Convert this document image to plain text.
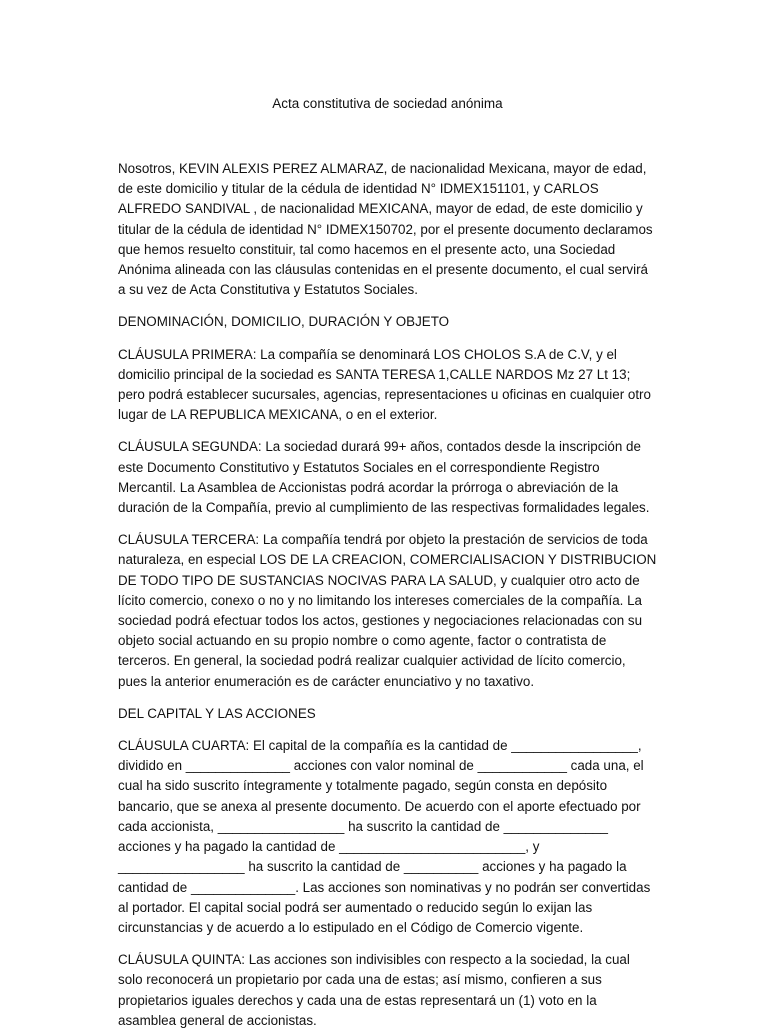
Acta constitutiva de sociedad anónima

Nosotros, KEVIN ALEXIS PEREZ ALMARAZ, de nacionalidad Mexicana, mayor de edad, de este domicilio y titular de la cédula de identidad N° IDMEX151101, y CARLOS ALFREDO SANDIVAL , de nacionalidad MEXICANA, mayor de edad, de este domicilio y titular de la cédula de identidad N° IDMEX150702, por el presente documento declaramos que hemos resuelto constituir, tal como hacemos en el presente acto, una Sociedad Anónima alineada con las cláusulas contenidas en el presente documento, el cual servirá a su vez de Acta Constitutiva y Estatutos Sociales.

DENOMINACIÓN, DOMICILIO, DURACIÓN Y OBJETO

CLÁUSULA PRIMERA: La compañía se denominará LOS CHOLOS S.A de C.V, y el domicilio principal de la sociedad es SANTA TERESA 1,CALLE NARDOS Mz 27 Lt 13; pero podrá establecer sucursales, agencias, representaciones u oficinas en cualquier otro lugar de LA REPUBLICA MEXICANA, o en el exterior.

CLÁUSULA SEGUNDA: La sociedad durará 99+ años, contados desde la inscripción de este Documento Constitutivo y Estatutos Sociales en el correspondiente Registro Mercantil. La Asamblea de Accionistas podrá acordar la prórroga o abreviación de la duración de la Compañía, previo al cumplimiento de las respectivas formalidades legales.

CLÁUSULA TERCERA: La compañía tendrá por objeto la prestación de servicios de toda naturaleza, en especial LOS DE LA CREACION, COMERCIALISACION Y DISTRIBUCION DE TODO TIPO DE SUSTANCIAS NOCIVAS PARA LA SALUD, y cualquier otro acto de lícito comercio, conexo o no y no limitando los intereses comerciales de la compañía. La sociedad podrá efectuar todos los actos, gestiones y negociaciones relacionadas con su objeto social actuando en su propio nombre o como agente, factor o contratista de terceros. En general, la sociedad podrá realizar cualquier actividad de lícito comercio, pues la anterior enumeración es de carácter enunciativo y no taxativo.

DEL CAPITAL Y LAS ACCIONES

CLÁUSULA CUARTA: El capital de la compañía es la cantidad de _________________, dividido en ______________ acciones con valor nominal de ____________ cada una, el cual ha sido suscrito íntegramente y totalmente pagado, según consta en depósito bancario, que se anexa al presente documento. De acuerdo con el aporte efectuado por cada accionista, _________________ ha suscrito la cantidad de ______________ acciones y ha pagado la cantidad de _________________________, y _________________ ha suscrito la cantidad de __________ acciones y ha pagado la cantidad de ______________. Las acciones son nominativas y no podrán ser convertidas al portador. El capital social podrá ser aumentado o reducido según lo exijan las circunstancias y de acuerdo a lo estipulado en el Código de Comercio vigente.

CLÁUSULA QUINTA: Las acciones son indivisibles con respecto a la sociedad, la cual solo reconocerá un propietario por cada una de estas; así mismo, confieren a sus propietarios iguales derechos y cada una de estas representará un (1) voto en la asamblea general de accionistas.
